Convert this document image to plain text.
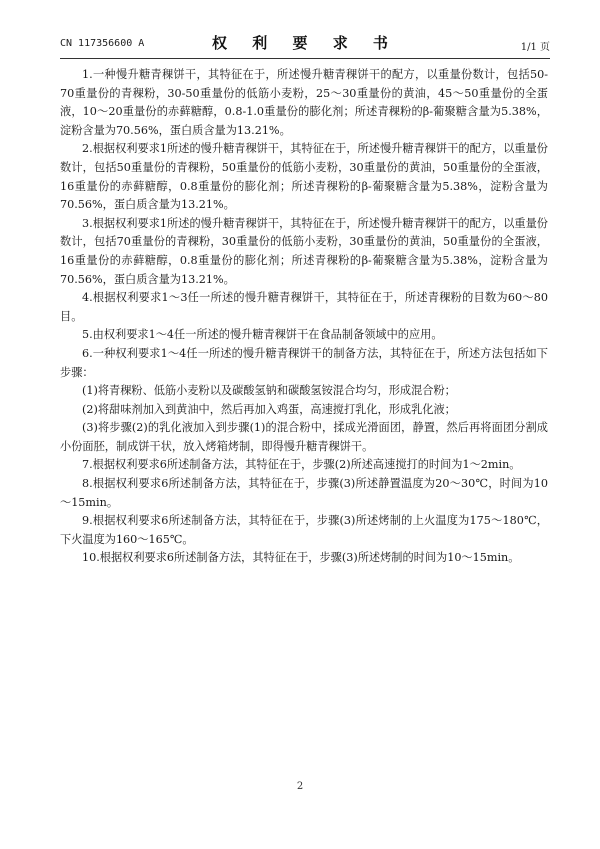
CN 117356600 A	权 利 要 求 书	1/1 页

1.一种慢升糖青稞饼干，其特征在于，所述慢升糖青稞饼干的配方，以重量份数计，包括50-70重量份的青稞粉，30-50重量份的低筋小麦粉，25～30重量份的黄油，45～50重量份的全蛋液，10～20重量份的赤藓糖醇，0.8-1.0重量份的膨化剂；所述青稞粉的β-葡聚糖含量为5.38%，淀粉含量为70.56%，蛋白质含量为13.21%。

2.根据权利要求1所述的慢升糖青稞饼干，其特征在于，所述慢升糖青稞饼干的配方，以重量份数计，包括50重量份的青稞粉，50重量份的低筋小麦粉，30重量份的黄油，50重量份的全蛋液，16重量份的赤藓糖醇，0.8重量份的膨化剂；所述青稞粉的β-葡聚糖含量为5.38%，淀粉含量为70.56%，蛋白质含量为13.21%。

3.根据权利要求1所述的慢升糖青稞饼干，其特征在于，所述慢升糖青稞饼干的配方，以重量份数计，包括70重量份的青稞粉，30重量份的低筋小麦粉，30重量份的黄油，50重量份的全蛋液，16重量份的赤藓糖醇，0.8重量份的膨化剂；所述青稞粉的β-葡聚糖含量为5.38%，淀粉含量为70.56%，蛋白质含量为13.21%。

4.根据权利要求1～3任一所述的慢升糖青稞饼干，其特征在于，所述青稞粉的目数为60～80目。

5.由权利要求1～4任一所述的慢升糖青稞饼干在食品制备领域中的应用。

6.一种权利要求1～4任一所述的慢升糖青稞饼干的制备方法，其特征在于，所述方法包括如下步骤：

(1)将青稞粉、低筋小麦粉以及碳酸氢钠和碳酸氢铵混合均匀，形成混合粉；

(2)将甜味剂加入到黄油中，然后再加入鸡蛋，高速搅打乳化，形成乳化液；

(3)将步骤(2)的乳化液加入到步骤(1)的混合粉中，揉成光滑面团，静置，然后再将面团分割成小份面胚，制成饼干状，放入烤箱烤制，即得慢升糖青稞饼干。

7.根据权利要求6所述制备方法，其特征在于，步骤(2)所述高速搅打的时间为1～2min。

8.根据权利要求6所述制备方法，其特征在于，步骤(3)所述静置温度为20～30℃，时间为10～15min。

9.根据权利要求6所述制备方法，其特征在于，步骤(3)所述烤制的上火温度为175～180℃，下火温度为160～165℃。

10.根据权利要求6所述制备方法，其特征在于，步骤(3)所述烤制的时间为10～15min。

2
